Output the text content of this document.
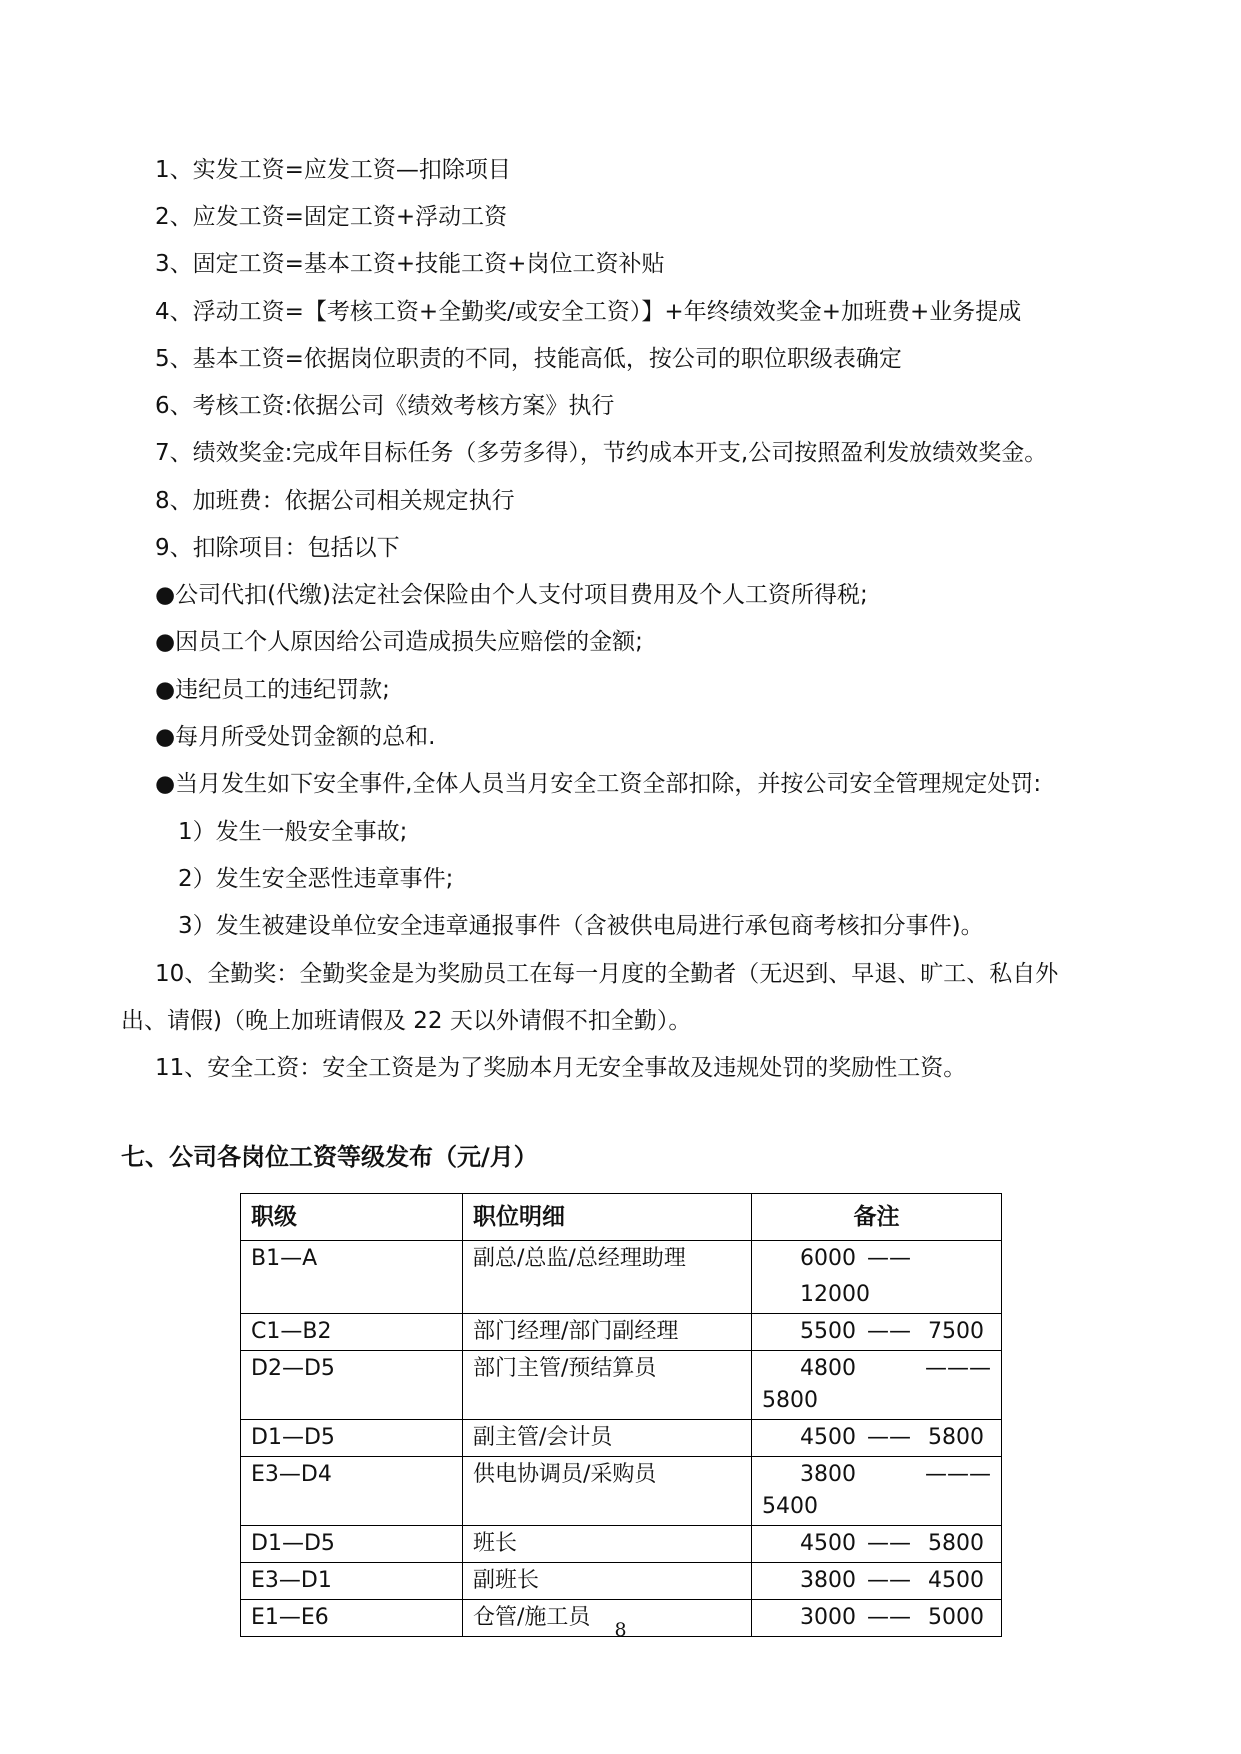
1、实发工资=应发工资—扣除项目
2、应发工资=固定工资+浮动工资
3、固定工资=基本工资+技能工资+岗位工资补贴
4、浮动工资=【考核工资+全勤奖/或安全工资）】+年终绩效奖金+加班费+业务提成
5、基本工资=依据岗位职责的不同，技能高低，按公司的职位职级表确定
6、考核工资:依据公司《绩效考核方案》执行
7、绩效奖金:完成年目标任务（多劳多得），节约成本开支,公司按照盈利发放绩效奖金。
8、加班费：依据公司相关规定执行
9、扣除项目：包括以下
●公司代扣(代缴)法定社会保险由个人支付项目费用及个人工资所得税;
●因员工个人原因给公司造成损失应赔偿的金额;
●违纪员工的违纪罚款;
●每月所受处罚金额的总和.
●当月发生如下安全事件,全体人员当月安全工资全部扣除，并按公司安全管理规定处罚:
1）发生一般安全事故;
2）发生安全恶性违章事件;
3）发生被建设单位安全违章通报事件（含被供电局进行承包商考核扣分事件)。
10、全勤奖：全勤奖金是为奖励员工在每一月度的全勤者（无迟到、早退、旷工、私自外
出、请假)（晚上加班请假及 22 天以外请假不扣全勤）。
11、安全工资：安全工资是为了奖励本月无安全事故及违规处罚的奖励性工资。
七、公司各岗位工资等级发布（元/月）
职级	职位明细	备注
B1—A	副总/总监/总经理助理	6000 —— 12000

C1—B2	部门经理/部门副经理	5500 —— 7500

D2—D5	部门主管/预结算员	4800 ———
5800

D1—D5	副主管/会计员	4500 —— 5800

E3—D4	供电协调员/采购员	3800 ———
5400

D1—D5	班长	4500 —— 5800

E3—D1	副班长	3800 —— 4500

E1—E6	仓管/施工员	3000 —— 5000
8
